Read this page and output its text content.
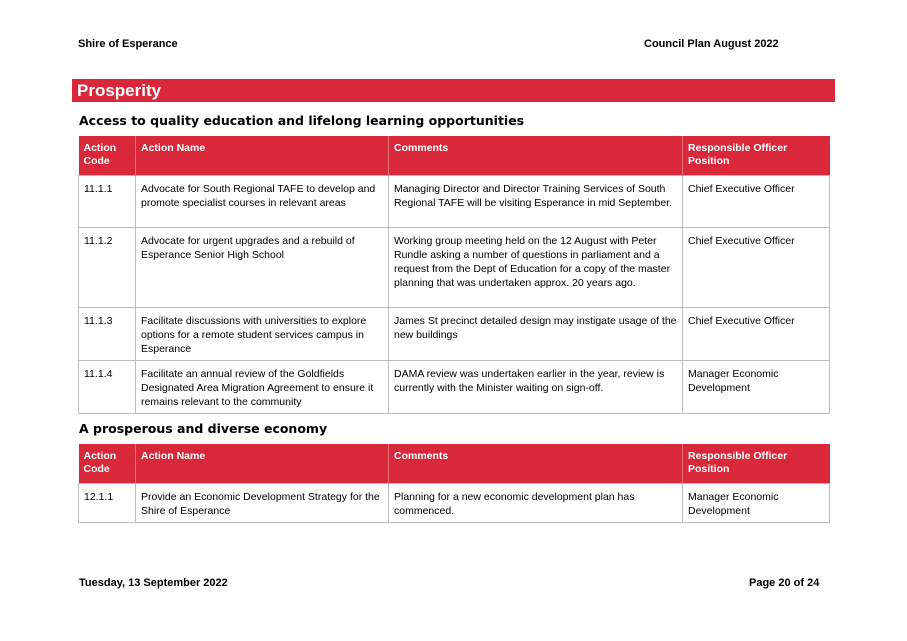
Shire of Esperance	Council Plan August 2022
Prosperity
Access to quality education and lifelong learning opportunities
Action Code	Action Name	Comments	Responsible Officer Position
11.1.1	Advocate for South Regional TAFE to develop and promote specialist courses in relevant areas	Managing Director and Director Training Services of South Regional TAFE will be visiting Esperance in mid September.	Chief Executive Officer
11.1.2	Advocate for urgent upgrades and a rebuild of Esperance Senior High School	Working group meeting held on the 12 August with Peter Rundle asking a number of questions in parliament and a request from the Dept of Education for a copy of the master planning that was undertaken approx. 20 years ago.	Chief Executive Officer
11.1.3	Facilitate discussions with universities to explore options for a remote student services campus in Esperance	James St precinct detailed design may instigate usage of the new buildings	Chief Executive Officer
11.1.4	Facilitate an annual review of the Goldfields Designated Area Migration Agreement to ensure it remains relevant to the community	DAMA review was undertaken earlier in the year, review is currently with the Minister waiting on sign-off.	Manager Economic Development
A prosperous and diverse economy
Action Code	Action Name	Comments	Responsible Officer Position
12.1.1	Provide an Economic Development Strategy for the Shire of Esperance	Planning for a new economic development plan has commenced.	Manager Economic Development
Tuesday, 13 September 2022	Page 20 of 24
